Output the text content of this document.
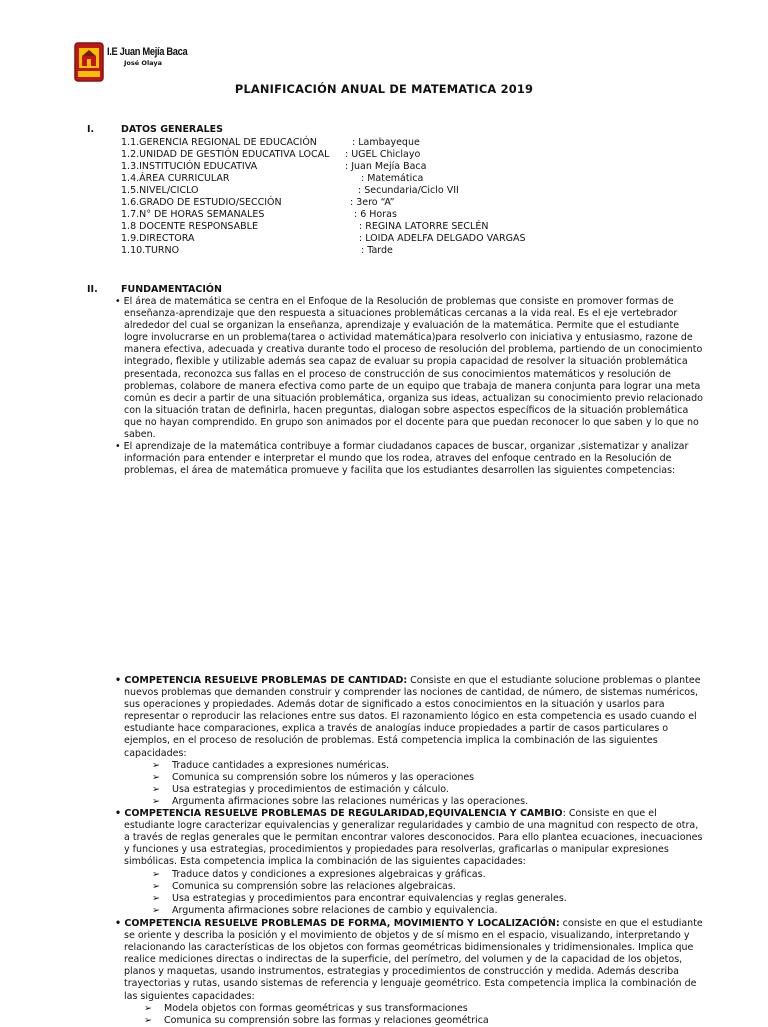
I.E Juan Mejía Baca
José Olaya
PLANIFICACIÓN ANUAL DE MATEMATICA 2019
I.	DATOS GENERALES
1.1.GERENCIA REGIONAL DE EDUCACIÓN	: Lambayeque
1.2.UNIDAD DE GESTIÓN EDUCATIVA LOCAL : UGEL Chiclayo
1.3.INSTITUCIÓN EDUCATIVA	: Juan Mejía Baca
1.4.ÁREA CURRICULAR	: Matemática
1.5.NIVEL/CICLO	: Secundaria/Ciclo VII
1.6.GRADO DE ESTUDIO/SECCIÓN	: 3ero “A”
1.7.N° DE HORAS SEMANALES	: 6 Horas
1.8 DOCENTE RESPONSABLE	: REGINA LATORRE SECLÉN
1.9.DIRECTORA	: LOIDA ADELFA DELGADO VARGAS
1.10.TURNO	: Tarde
II. FUNDAMENTACIÓN

• El área de matemática se centra en el Enfoque de la Resolución de problemas que consiste en promover formas de enseñanza-aprendizaje que den respuesta a situaciones problemáticas cercanas a la vida real. Es el eje vertebrador alrededor del cual se organizan la enseñanza, aprendizaje y evaluación de la matemática. Permite que el estudiante logre involucrarse en un problema(tarea o actividad matemática)para resolverlo con iniciativa y entusiasmo, razone de manera efectiva, adecuada y creativa durante todo el proceso de resolución del problema, partiendo de un conocimiento integrado, flexible y utilizable además sea capaz de evaluar su propia capacidad de resolver la situación problemática presentada, reconozca sus fallas en el proceso de construcción de sus conocimientos matemáticos y resolución de problemas, colabore de manera efectiva como parte de un equipo que trabaja de manera conjunta para lograr una meta común es decir a partir de una situación problemática, organiza sus ideas, actualizan su conocimiento previo relacionado con la situación tratan de definirla, hacen preguntas, dialogan sobre aspectos específicos de la situación problemática que no hayan comprendido. En grupo son animados por el docente para que puedan reconocer lo que saben y lo que no saben.

• El aprendizaje de la matemática contribuye a formar ciudadanos capaces de buscar, organizar ,sistematizar y analizar información para entender e interpretar el mundo que los rodea, atraves del enfoque centrado en la Resolución de problemas, el área de matemática promueve y facilita que los estudiantes desarrollen las siguientes competencias:

• COMPETENCIA RESUELVE PROBLEMAS DE CANTIDAD: Consiste en que el estudiante solucione problemas o plantee nuevos problemas que demanden construir y comprender las nociones de cantidad, de número, de sistemas numéricos, sus operaciones y propiedades. Además dotar de significado a estos conocimientos en la situación y usarlos para representar o reproducir las relaciones entre sus datos. El razonamiento lógico en esta competencia es usado cuando el estudiante hace comparaciones, explica a través de analogías induce propiedades a partir de casos particulares o ejemplos, en el proceso de resolución de problemas. Está competencia implica la combinación de las siguientes capacidades:

➢ Traduce cantidades a expresiones numéricas.
➢ Comunica su comprensión sobre los números y las operaciones
➢ Usa estrategias y procedimientos de estimación y cálculo.
➢ Argumenta afirmaciones sobre las relaciones numéricas y las operaciones.

• COMPETENCIA RESUELVE PROBLEMAS DE REGULARIDAD,EQUIVALENCIA Y CAMBIO: Consiste en que el estudiante logre caracterizar equivalencias y generalizar regularidades y cambio de una magnitud con respecto de otra, a través de reglas generales que le permitan encontrar valores desconocidos. Para ello plantea ecuaciones, inecuaciones y funciones y usa estrategias, procedimientos y propiedades para resolverlas, graficarlas o manipular expresiones simbólicas. Esta competencia implica la combinación de las siguientes capacidades:

➢ Traduce datos y condiciones a expresiones algebraicas y gráficas.
➢ Comunica su comprensión sobre las relaciones algebraicas.
➢ Usa estrategias y procedimientos para encontrar equivalencias y reglas generales.
➢ Argumenta afirmaciones sobre relaciones de cambio y equivalencia.

• COMPETENCIA RESUELVE PROBLEMAS DE FORMA, MOVIMIENTO Y LOCALIZACIÓN: consiste en que el estudiante se oriente y describa la posición y el movimiento de objetos y de sí mismo en el espacio, visualizando, interpretando y relacionando las características de los objetos con formas geométricas bidimensionales y tridimensionales. Implica que realice mediciones directas o indirectas de la superficie, del perímetro, del volumen y de la capacidad de los objetos, planos y maquetas, usando instrumentos, estrategias y procedimientos de construcción y medida. Además describa trayectorias y rutas, usando sistemas de referencia y lenguaje geométrico. Esta competencia implica la combinación de las siguientes capacidades:

➢ Modela objetos con formas geométricas y sus transformaciones
➢ Comunica su comprensión sobre las formas y relaciones geométrica
